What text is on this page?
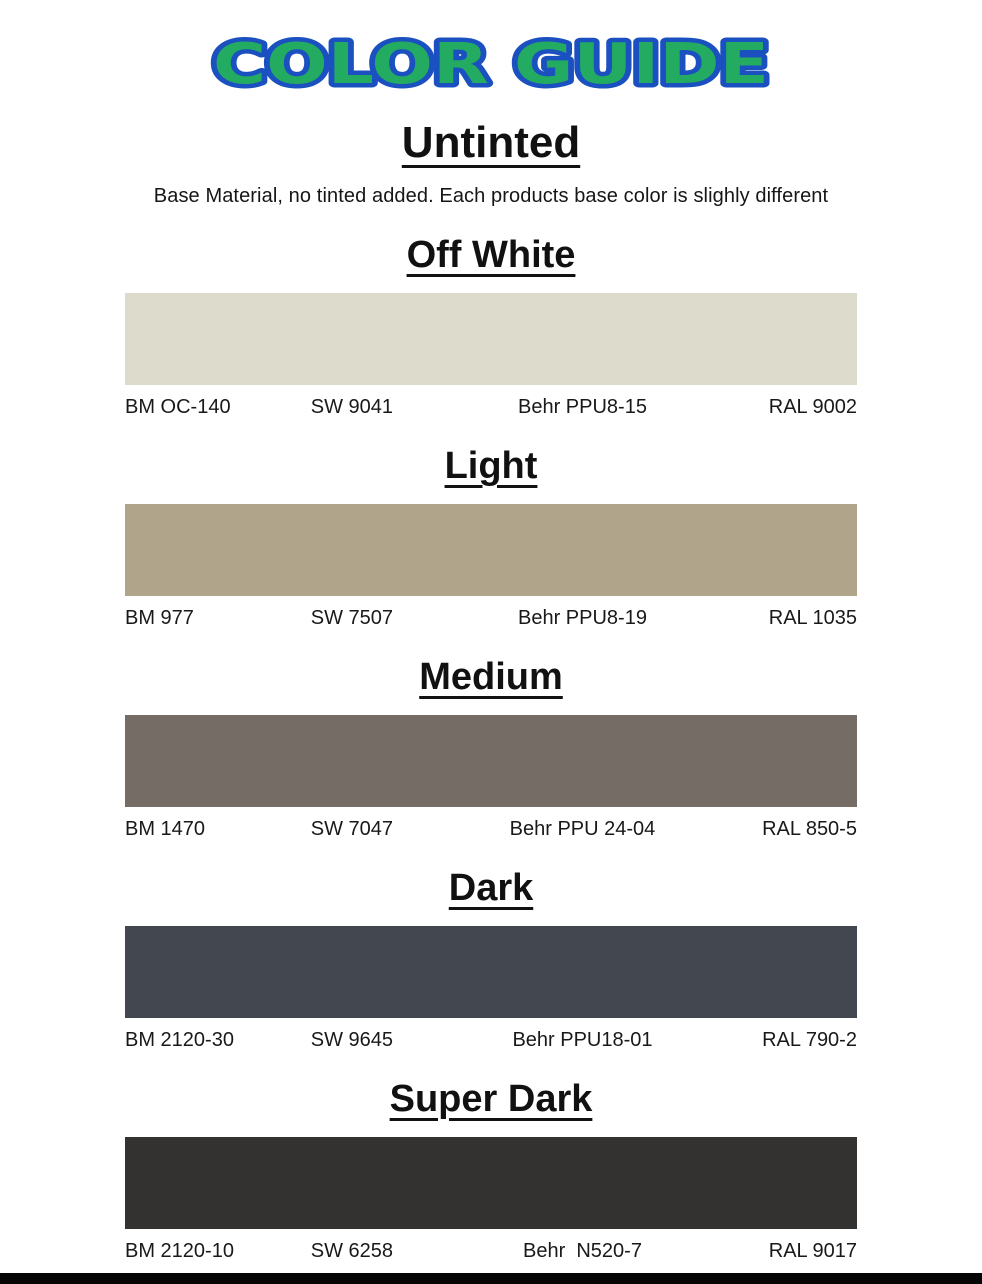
COLOR GUIDE
Untinted

Base Material, no tinted added. Each products base color is slighly different

Off White
BM OC-140	SW 9041	Behr PPU8-15	RAL 9002
Light
BM 977	SW 7507	Behr PPU8-19	RAL 1035
Medium
BM 1470	SW 7047	Behr PPU 24-04	RAL 850-5
Dark
BM 2120-30	SW 9645	Behr PPU18-01	RAL 790-2
Super Dark
BM 2120-10	SW 6258	Behr  N520-7	RAL 9017
